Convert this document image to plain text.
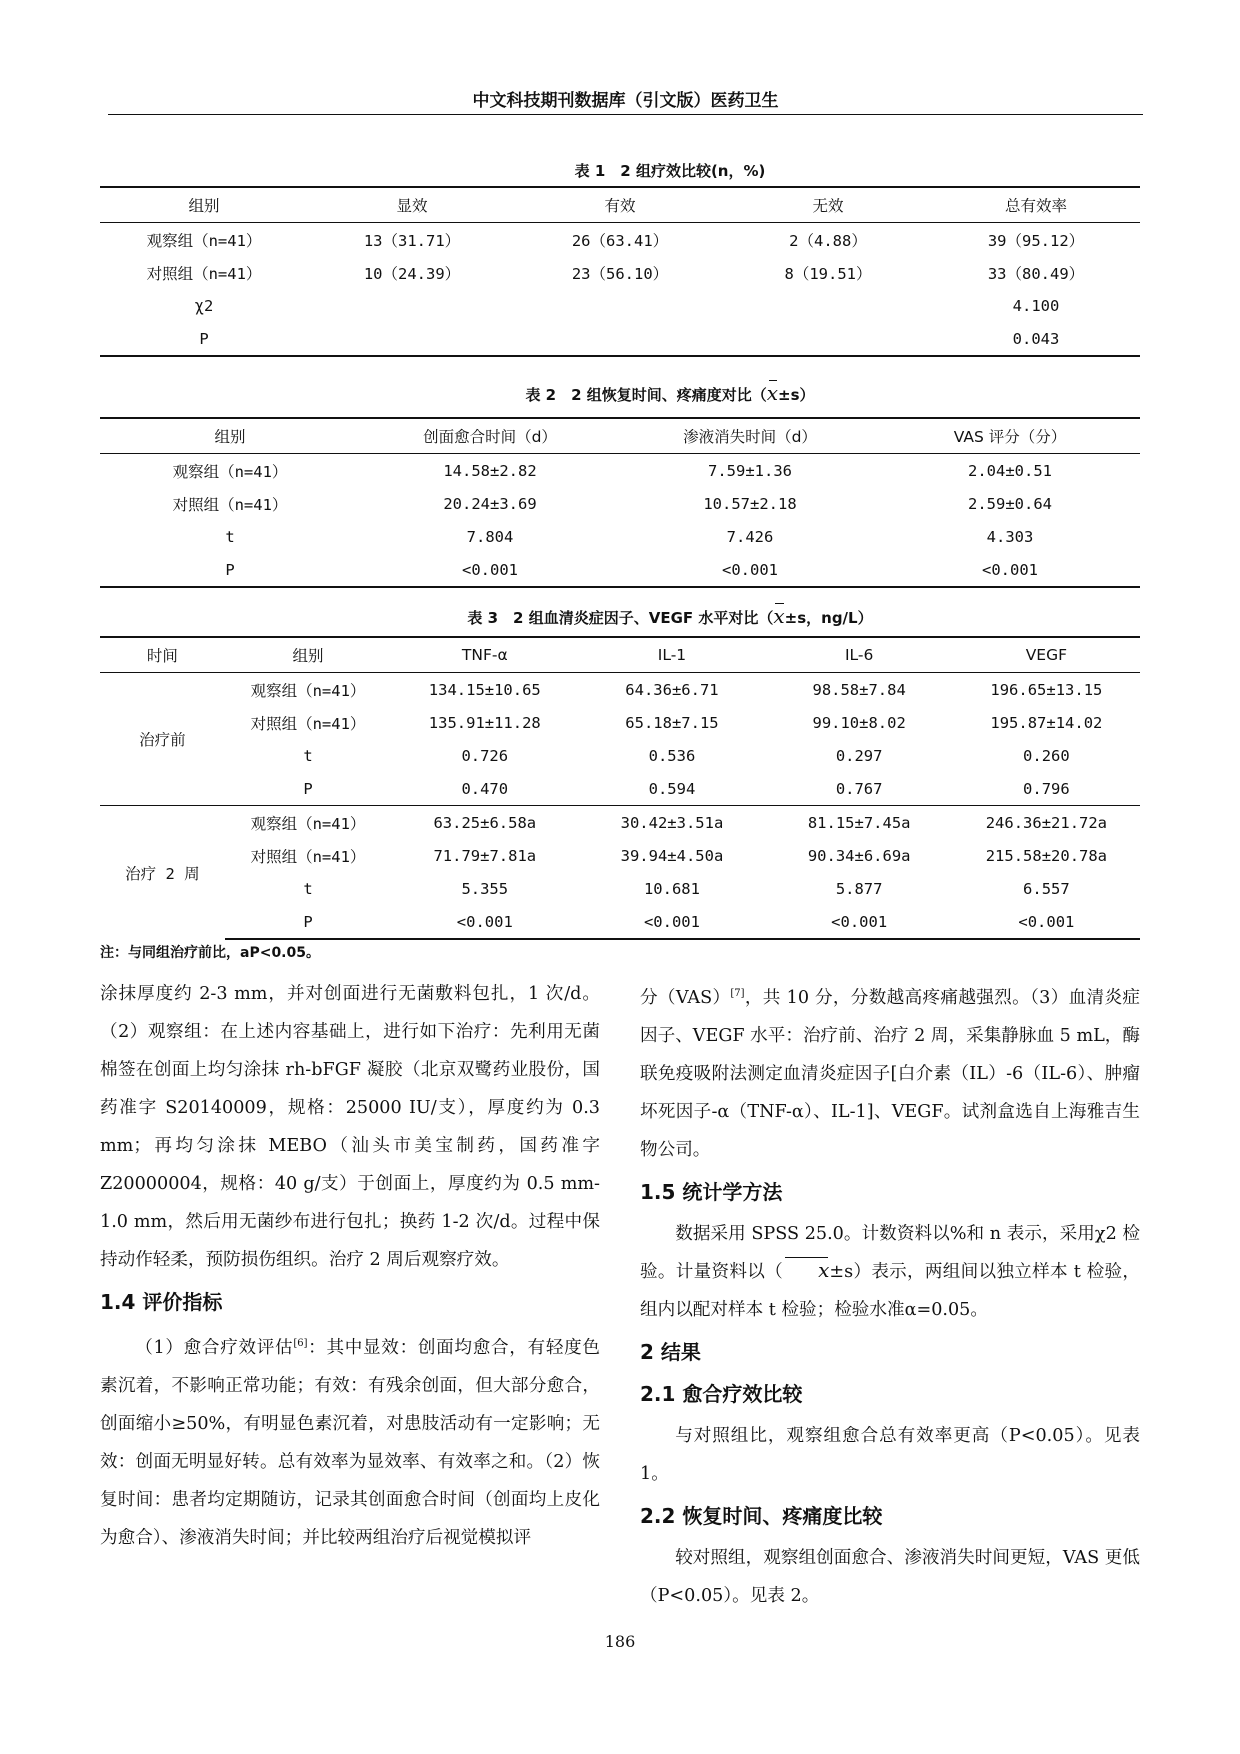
中文科技期刊数据库（引文版）医药卫生
表 1　2 组疗效比较(n，%)
组别	显效	有效	无效	总有效率
观察组（n=41）	13（31.71）	26（63.41）	2（4.88）	39（95.12）
对照组（n=41）	10（24.39）	23（56.10）	8（19.51）	33（80.49）
χ2				4.100
P				0.043
表 2　2 组恢复时间、疼痛度对比（x±s）
组别	创面愈合时间（d）	渗液消失时间（d）	VAS 评分（分）
观察组（n=41）	14.58±2.82	7.59±1.36	2.04±0.51
对照组（n=41）	20.24±3.69	10.57±2.18	2.59±0.64
t	7.804	7.426	4.303
P	<0.001	<0.001	<0.001
表 3　2 组血清炎症因子、VEGF 水平对比（x±s，ng/L）
时间	组别	TNF-α	IL-1	IL-6	VEGF
治疗前	观察组（n=41）	134.15±10.65	64.36±6.71	98.58±7.84	196.65±13.15
	对照组（n=41）	135.91±11.28	65.18±7.15	99.10±8.02	195.87±14.02
	t	0.726	0.536	0.297	0.260
	P	0.470	0.594	0.767	0.796
治疗 2 周	观察组（n=41）	63.25±6.58a	30.42±3.51a	81.15±7.45a	246.36±21.72a
	对照组（n=41）	71.79±7.81a	39.94±4.50a	90.34±6.69a	215.58±20.78a
	t	5.355	10.681	5.877	6.557
	P	<0.001	<0.001	<0.001	<0.001
注：与同组治疗前比，aP<0.05。

涂抹厚度约 2-3 mm，并对创面进行无菌敷料包扎，1 次/d。（2）观察组：在上述内容基础上，进行如下治疗：先利用无菌棉签在创面上均匀涂抹 rh-bFGF 凝胶（北京双鹭药业股份，国药准字 S20140009，规格：25000 IU/支），厚度约为 0.3 mm；再均匀涂抹 MEBO（汕头市美宝制药，国药准字 Z20000004，规格：40 g/支）于创面上，厚度约为 0.5 mm-1.0 mm，然后用无菌纱布进行包扎；换药 1-2 次/d。过程中保持动作轻柔，预防损伤组织。治疗 2 周后观察疗效。

1.4 评价指标

（1）愈合疗效评估[6]：其中显效：创面均愈合，有轻度色素沉着，不影响正常功能；有效：有残余创面，但大部分愈合，创面缩小≥50%，有明显色素沉着，对患肢活动有一定影响；无效：创面无明显好转。总有效率为显效率、有效率之和。（2）恢复时间：患者均定期随访，记录其创面愈合时间（创面均上皮化为愈合）、渗液消失时间；并比较两组治疗后视觉模拟评

分（VAS）[7]，共 10 分，分数越高疼痛越强烈。（3）血清炎症因子、VEGF 水平：治疗前、治疗 2 周，采集静脉血 5 mL，酶联免疫吸附法测定血清炎症因子[白介素（IL）-6（IL-6）、肿瘤坏死因子-α（TNF-α）、IL-1]、VEGF。试剂盒选自上海雅吉生物公司。

1.5 统计学方法

数据采用 SPSS 25.0。计数资料以%和 n 表示，采用χ2 检验。计量资料以（ x±s）表示，两组间以独立样本 t 检验，组内以配对样本 t 检验；检验水准α=0.05。

2 结果
2.1 愈合疗效比较

与对照组比，观察组愈合总有效率更高（P<0.05）。见表 1。

2.2 恢复时间、疼痛度比较

较对照组，观察组创面愈合、渗液消失时间更短，VAS 更低（P<0.05）。见表 2。

186
